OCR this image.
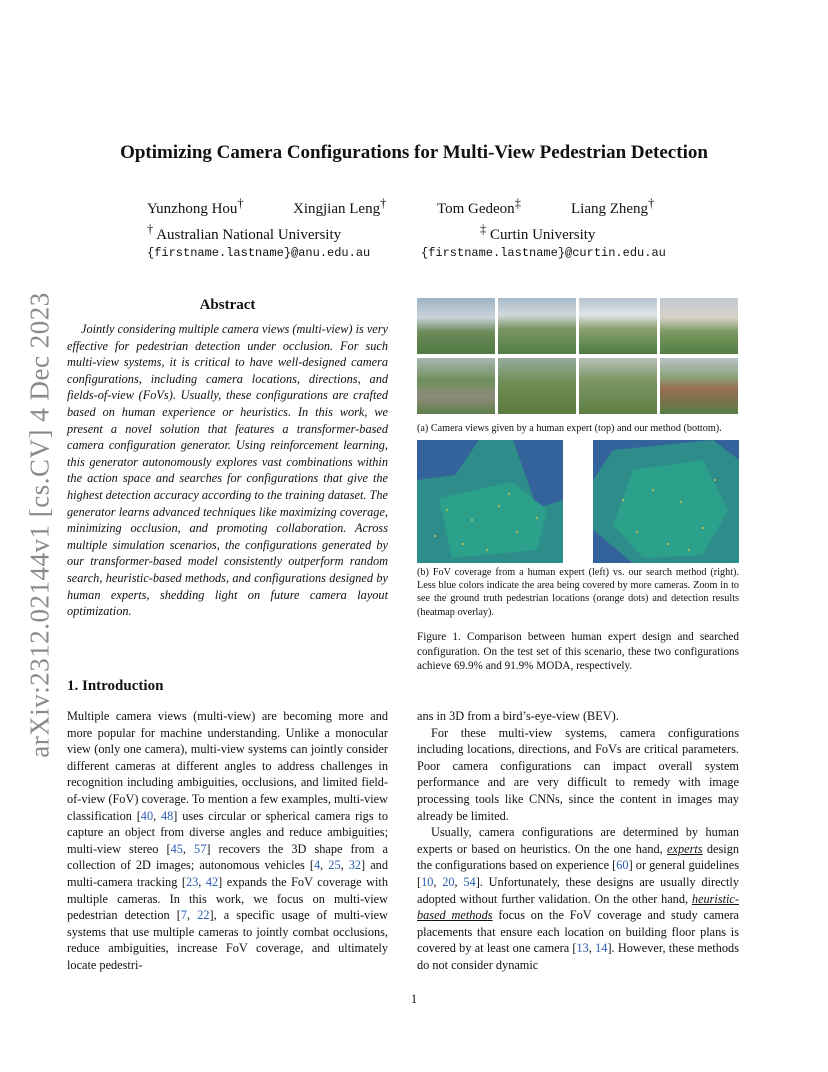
arXiv:2312.02144v1 [cs.CV] 4 Dec 2023
Optimizing Camera Configurations for Multi-View Pedestrian Detection
Yunzhong Hou†	Xingjian Leng†	Tom Gedeon‡	Liang Zheng†
† Australian National University
{firstname.lastname}@anu.edu.au
‡ Curtin University
{firstname.lastname}@curtin.edu.au
Abstract
Jointly considering multiple camera views (multi-view) is very effective for pedestrian detection under occlusion. For such multi-view systems, it is critical to have well-designed camera configurations, including camera locations, directions, and fields-of-view (FoVs). Usually, these configurations are crafted based on human experience or heuristics. In this work, we present a novel solution that features a transformer-based camera configuration generator. Using reinforcement learning, this generator autonomously explores vast combinations within the action space and searches for configurations that give the highest detection accuracy according to the training dataset. The generator learns advanced techniques like maximizing coverage, minimizing occlusion, and promoting collaboration. Across multiple simulation scenarios, the configurations generated by our transformer-based model consistently outperform random search, heuristic-based methods, and configurations designed by human experts, shedding light on future camera layout optimization.
(a) Camera views given by a human expert (top) and our method (bottom).
(b) FoV coverage from a human expert (left) vs. our search method (right). Less blue colors indicate the area being covered by more cameras. Zoom in to see the ground truth pedestrian locations (orange dots) and detection results (heatmap overlay).
Figure 1. Comparison between human expert design and searched configuration. On the test set of this scenario, these two configurations achieve 69.9% and 91.9% MODA, respectively.
1. Introduction
Multiple camera views (multi-view) are becoming more and more popular for machine understanding. Unlike a monocular view (only one camera), multi-view systems can jointly consider different cameras at different angles to address challenges in recognition including ambiguities, occlusions, and limited field-of-view (FoV) coverage. To mention a few examples, multi-view classification [40, 48] uses circular or spherical camera rigs to capture an object from diverse angles and reduce ambiguities; multi-view stereo [45, 57] recovers the 3D shape from a collection of 2D images; autonomous vehicles [4, 25, 32] and multi-camera tracking [23, 42] expands the FoV coverage with multiple cameras. In this work, we focus on multi-view pedestrian detection [7, 22], a specific usage of multi-view systems that use multiple cameras to jointly combat occlusions, reduce ambiguities, increase FoV coverage, and ultimately locate pedestri-

ans in 3D from a bird’s-eye-view (BEV).

For these multi-view systems, camera configurations including locations, directions, and FoVs are critical parameters. Poor camera configurations can impact overall system performance and are very difficult to remedy with image processing tools like CNNs, since the content in images may already be limited.

Usually, camera configurations are determined by human experts or based on heuristics. On the one hand, experts design the configurations based on experience [60] or general guidelines [10, 20, 54]. Unfortunately, these designs are usually directly adopted without further validation. On the other hand, heuristic-based methods focus on the FoV coverage and study camera placements that ensure each location on building floor plans is covered by at least one camera [13, 14]. However, these methods do not consider dynamic

1
